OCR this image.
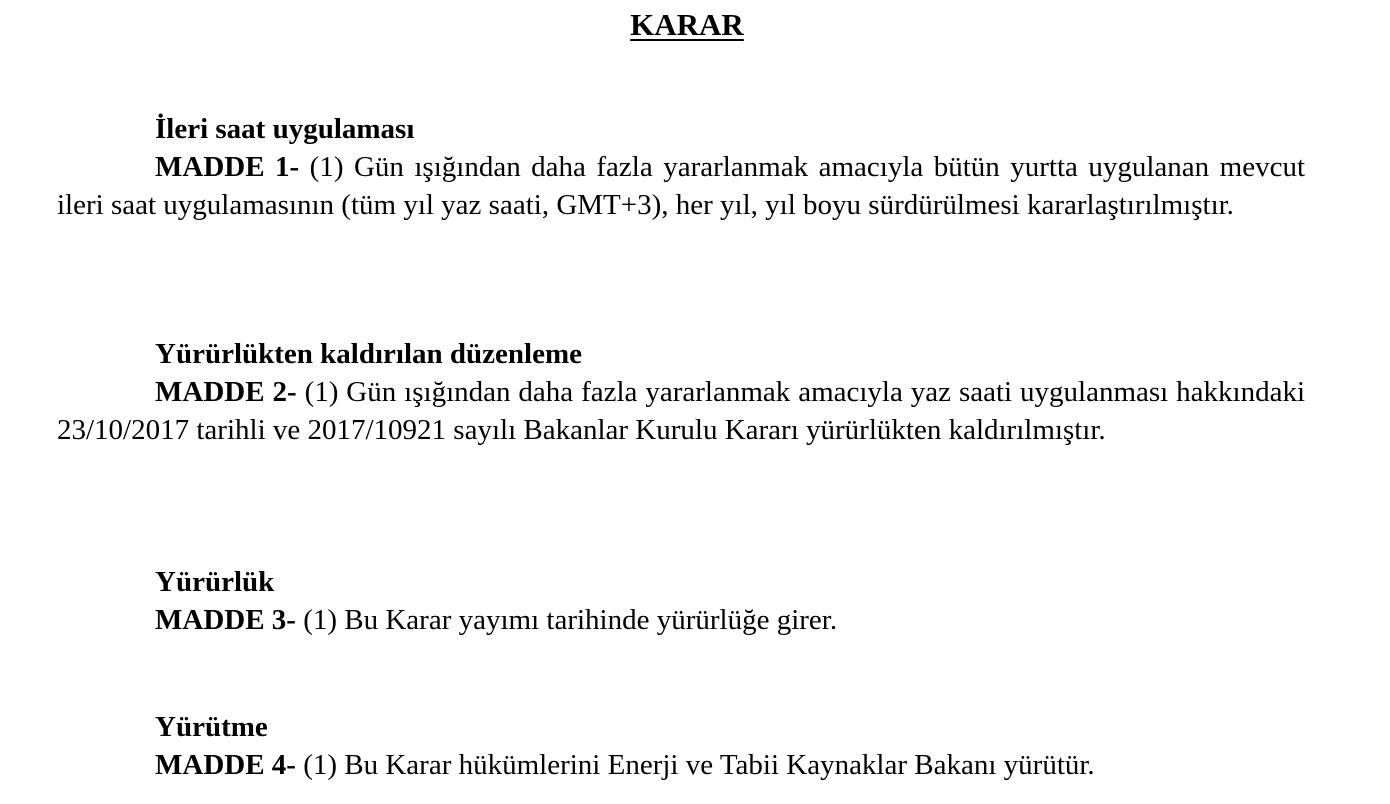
KARAR
İleri saat uygulaması
MADDE 1- (1) Gün ışığından daha fazla yararlanmak amacıyla bütün yurtta uygulanan mevcut ileri saat uygulamasının (tüm yıl yaz saati, GMT+3), her yıl, yıl boyu sürdürülmesi kararlaştırılmıştır.
Yürürlükten kaldırılan düzenleme
MADDE 2- (1) Gün ışığından daha fazla yararlanmak amacıyla yaz saati uygulanması hakkındaki 23/10/2017 tarihli ve 2017/10921 sayılı Bakanlar Kurulu Kararı yürürlükten kaldırılmıştır.
Yürürlük
MADDE 3- (1) Bu Karar yayımı tarihinde yürürlüğe girer.
Yürütme
MADDE 4- (1) Bu Karar hükümlerini Enerji ve Tabii Kaynaklar Bakanı yürütür.
